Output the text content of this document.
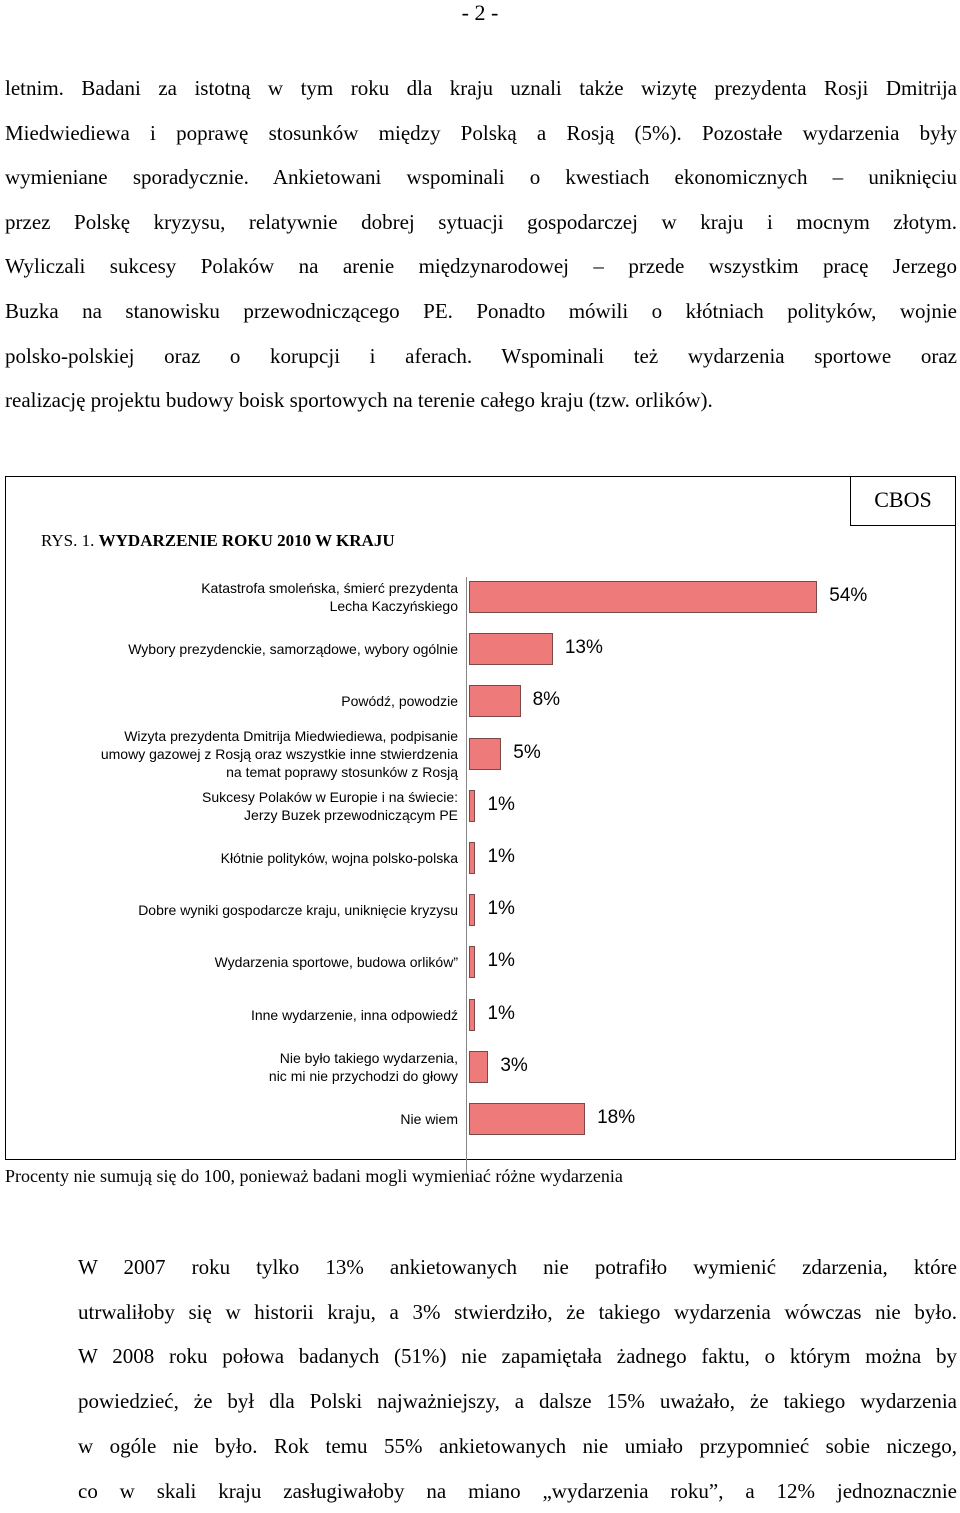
- 2 -

letnim. Badani za istotną w tym roku dla kraju uznali także wizytę prezydenta Rosji Dmitrija
Miedwiediewa i poprawę stosunków między Polską a Rosją (5%). Pozostałe wydarzenia były
wymieniane sporadycznie. Ankietowani wspominali o kwestiach ekonomicznych – uniknięciu
przez Polskę kryzysu, relatywnie dobrej sytuacji gospodarczej w kraju i mocnym złotym.
Wyliczali sukcesy Polaków na arenie międzynarodowej – przede wszystkim pracę Jerzego
Buzka na stanowisku przewodniczącego PE. Ponadto mówili o kłótniach polityków, wojnie
polsko-polskiej oraz o korupcji i aferach. Wspominali też wydarzenia sportowe oraz
realizację projektu budowy boisk sportowych na terenie całego kraju (tzw. orlików).

CBOS
RYS. 1. WYDARZENIE ROKU 2010 W KRAJU
Katastrofa smoleńska, śmierć prezydenta
Lecha Kaczyńskiego	54%
Wybory prezydenckie, samorządowe, wybory ogólnie	13%
Powódź, powodzie	8%
Wizyta prezydenta Dmitrija Miedwiediewa, podpisanie
umowy gazowej z Rosją oraz wszystkie inne stwierdzenia
na temat poprawy stosunków z Rosją
5%
Sukcesy Polaków w Europie i na świecie:
Jerzy Buzek przewodniczącym PE 1%
Kłótnie polityków, wojna polsko-polska 1%
Dobre wyniki gospodarcze kraju, uniknięcie kryzysu 1%
Wydarzenia sportowe, budowa orlików” 1%
Inne wydarzenie, inna odpowiedź 1%
Nie było takiego wydarzenia,
nic mi nie przychodzi do głowy 3%
Nie wiem	18%
Procenty nie sumują się do 100, ponieważ badani mogli wymieniać różne wydarzenia

W 2007 roku tylko 13% ankietowanych nie potrafiło wymienić zdarzenia, które
utrwaliłoby się w historii kraju, a 3% stwierdziło, że takiego wydarzenia wówczas nie było.
W 2008 roku połowa badanych (51%) nie zapamiętała żadnego faktu, o którym można by
powiedzieć, że był dla Polski najważniejszy, a dalsze 15% uważało, że takiego wydarzenia
w ogóle nie było. Rok temu 55% ankietowanych nie umiało przypomnieć sobie niczego,
co w skali kraju zasługiwałoby na miano „wydarzenia roku”, a 12% jednoznacznie
